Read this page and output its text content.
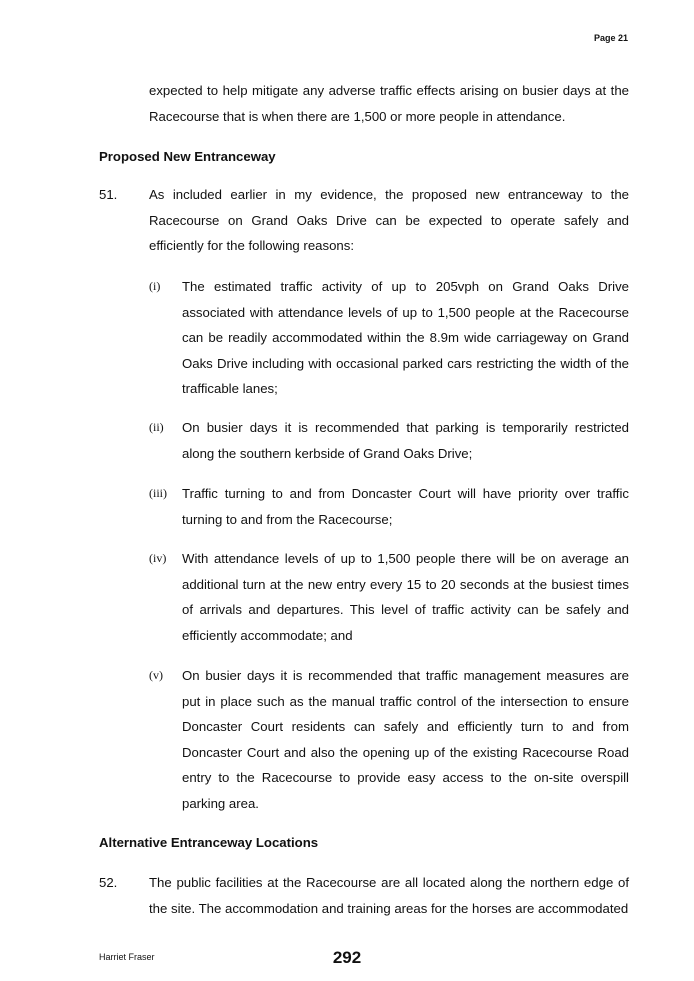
Page 21
expected to help mitigate any adverse traffic effects arising on busier days at the Racecourse that is when there are 1,500 or more people in attendance.
Proposed New Entranceway
51. As included earlier in my evidence, the proposed new entranceway to the Racecourse on Grand Oaks Drive can be expected to operate safely and efficiently for the following reasons:
(i) The estimated traffic activity of up to 205vph on Grand Oaks Drive associated with attendance levels of up to 1,500 people at the Racecourse can be readily accommodated within the 8.9m wide carriageway on Grand Oaks Drive including with occasional parked cars restricting the width of the trafficable lanes;
(ii) On busier days it is recommended that parking is temporarily restricted along the southern kerbside of Grand Oaks Drive;
(iii) Traffic turning to and from Doncaster Court will have priority over traffic turning to and from the Racecourse;
(iv) With attendance levels of up to 1,500 people there will be on average an additional turn at the new entry every 15 to 20 seconds at the busiest times of arrivals and departures. This level of traffic activity can be safely and efficiently accommodate; and
(v) On busier days it is recommended that traffic management measures are put in place such as the manual traffic control of the intersection to ensure Doncaster Court residents can safely and efficiently turn to and from Doncaster Court and also the opening up of the existing Racecourse Road entry to the Racecourse to provide easy access to the on-site overspill parking area.
Alternative Entranceway Locations
52. The public facilities at the Racecourse are all located along the northern edge of the site. The accommodation and training areas for the horses are accommodated
Harriet Fraser	292
